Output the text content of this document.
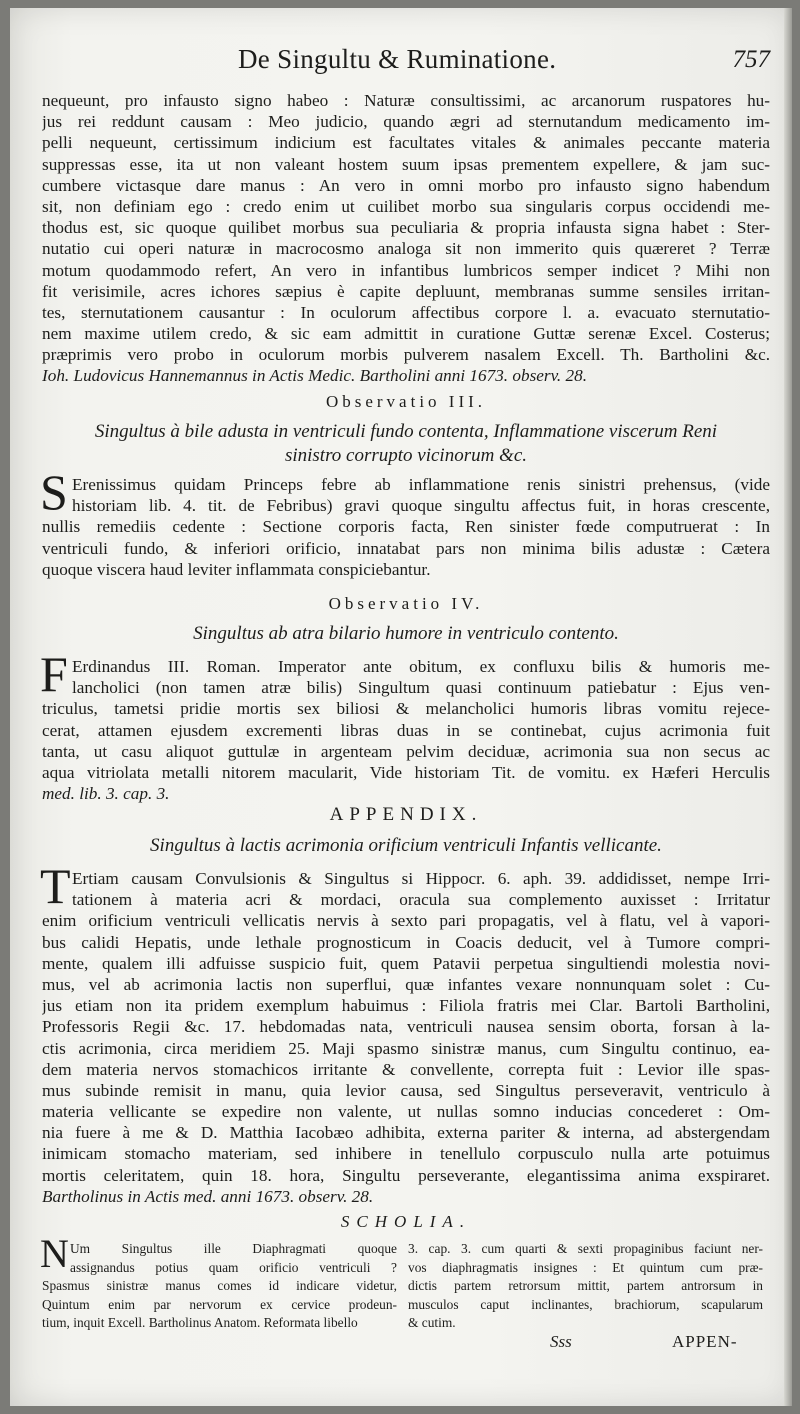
De Singultu & Ruminatione.	757
nequeunt, pro infausto signo habeo : Naturæ consultissimi, ac arcanorum ruspatores hu-
jus rei reddunt causam : Meo judicio, quando ægri ad sternutandum medicamento im-
pelli nequeunt, certissimum indicium est facultates vitales & animales peccante materia
suppressas esse, ita ut non valeant hostem suum ipsas prementem expellere, & jam suc-
cumbere victasque dare manus : An vero in omni morbo pro infausto signo habendum
sit, non definiam ego : credo enim ut cuilibet morbo sua singularis corpus occidendi me-
thodus est, sic quoque quilibet morbus sua peculiaria & propria infausta signa habet : Ster-
nutatio cui operi naturæ in macrocosmo analoga sit non immerito quis quæreret ? Terræ
motum quodammodo refert, An vero in infantibus lumbricos semper indicet ? Mihi non
fit verisimile, acres ichores sæpius è capite depluunt, membranas summe sensiles irritan-
tes, sternutationem causantur : In oculorum affectibus corpore l. a. evacuato sternutatio-
nem maxime utilem credo, & sic eam admittit in curatione Guttæ serenæ Excel. Costerus;
præprimis vero probo in oculorum morbis pulverem nasalem Excell. Th. Bartholini &c.
Ioh. Ludovicus Hannemannus in Actis Medic. Bartholini anni 1673. observ. 28.
Observatio III.
Singultus à bile adusta in ventriculi fundo contenta, Inflammatione viscerum Reni
sinistro corrupto vicinorum &c.
S Erenissimus quidam Princeps febre ab inflammatione renis sinistri prehensus, (vide
historiam lib. 4. tit. de Febribus) gravi quoque singultu affectus fuit, in horas crescente,
nullis remediis cedente : Sectione corporis facta, Ren sinister fœde computruerat : In
ventriculi fundo, & inferiori orificio, innatabat pars non minima bilis adustæ : Cætera
quoque viscera haud leviter inflammata conspiciebantur.
Observatio IV.
Singultus ab atra bilario humore in ventriculo contento.
F Erdinandus III. Roman. Imperator ante obitum, ex confluxu bilis & humoris me-
lancholici (non tamen atræ bilis) Singultum quasi continuum patiebatur : Ejus ven-
triculus, tametsi pridie mortis sex biliosi & melancholici humoris libras vomitu rejece-
cerat, attamen ejusdem excrementi libras duas in se continebat, cujus acrimonia fuit
tanta, ut casu aliquot guttulæ in argenteam pelvim deciduæ, acrimonia sua non secus ac
aqua vitriolata metalli nitorem macularit, Vide historiam Tit. de vomitu. ex Hæferi Herculis
med. lib. 3. cap. 3.
APPENDIX.
Singultus à lactis acrimonia orificium ventriculi Infantis vellicante.
T Ertiam causam Convulsionis & Singultus si Hippocr. 6. aph. 39. addidisset, nempe Irri-
tationem à materia acri & mordaci, oracula sua complemento auxisset : Irritatur
enim orificium ventriculi vellicatis nervis à sexto pari propagatis, vel à flatu, vel à vapori-
bus calidi Hepatis, unde lethale prognosticum in Coacis deducit, vel à Tumore compri-
mente, qualem illi adfuisse suspicio fuit, quem Patavii perpetua singultiendi molestia novi-
mus, vel ab acrimonia lactis non superflui, quæ infantes vexare nonnunquam solet : Cu-
jus etiam non ita pridem exemplum habuimus : Filiola fratris mei Clar. Bartoli Bartholini,
Professoris Regii &c. 17. hebdomadas nata, ventriculi nausea sensim oborta, forsan à la-
ctis acrimonia, circa meridiem 25. Maji spasmo sinistræ manus, cum Singultu continuo, ea-
dem materia nervos stomachicos irritante & convellente, correpta fuit : Levior ille spas-
mus subinde remisit in manu, quia levior causa, sed Singultus perseveravit, ventriculo à
materia vellicante se expedire non valente, ut nullas somno inducias concederet : Om-
nia fuere à me & D. Matthia Iacobæo adhibita, externa pariter & interna, ad abstergendam
inimicam stomacho materiam, sed inhibere in tenellulo corpusculo nulla arte potuimus
mortis celeritatem, quin 18. hora, Singultu perseverante, elegantissima anima exspiraret.
Bartholinus in Actis med. anni 1673. observ. 28.
SCHOLIA.
N Um Singultus ille Diaphragmati quoque
assignandus potius quam orificio ventriculi ?
Spasmus sinistræ manus comes id indicare videtur,
Quintum enim par nervorum ex cervice prodeun-
tium, inquit Excell. Bartholinus Anatom. Reformata libello
3. cap. 3. cum quarti & sexti propaginibus faciunt ner-
vos diaphragmatis insignes : Et quintum cum præ-
dictis partem retrorsum mittit, partem antrorsum in
musculos caput inclinantes, brachiorum, scapularum
& cutim.
Sss	APPEN-
